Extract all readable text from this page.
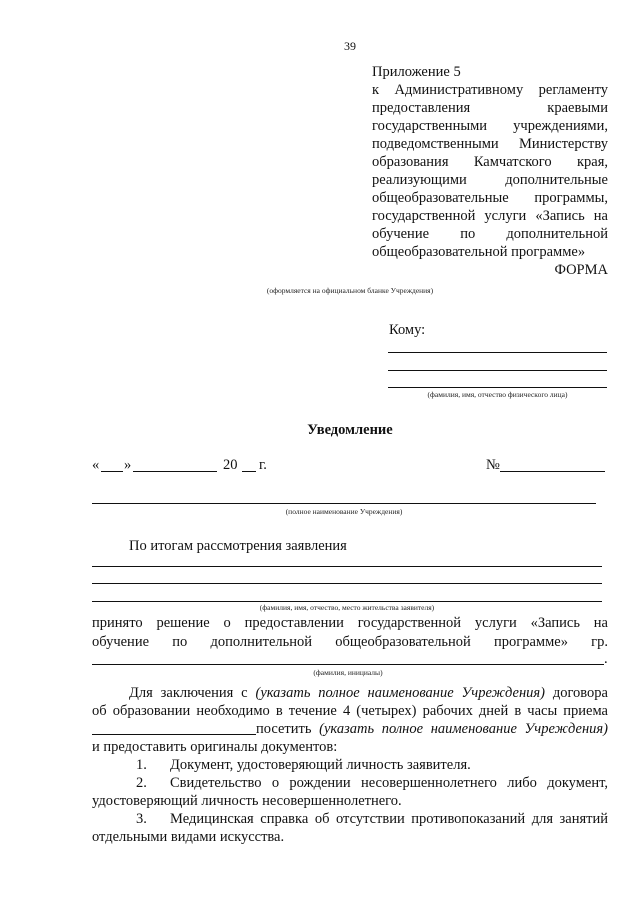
39
Приложение 5
к Административному регламенту
предоставления краевыми
государственными учреждениями,
подведомственными Министерству
образования Камчатского края,
реализующими дополнительные
общеобразовательные программы,
государственной услуги «Запись на
обучение по дополнительной
общеобразовательной программе»
ФОРМА
(оформляется на официальном бланке Учреждения)
Кому:
(фамилия, имя, отчество физического лица)
Уведомление
« »	20 г.	№
(полное наименование Учреждения)
По итогам рассмотрения заявления
(фамилия, имя, отчество, место жительства заявителя)
принято решение о предоставлении государственной услуги «Запись на
обучение по дополнительной общеобразовательной программе» гр.
.
(фамилия, инициалы)
Для заключения с (указать полное наименование Учреждения) договора
об образовании необходимо в течение 4 (четырех) рабочих дней в часы приема
посетить (указать полное наименование Учреждения)
и предоставить оригиналы документов:
1. Документ, удостоверяющий личность заявителя.
2. Свидетельство о рождении несовершеннолетнего либо документ,
удостоверяющий личность несовершеннолетнего.
3. Медицинская справка об отсутствии противопоказаний для занятий
отдельными видами искусства.
